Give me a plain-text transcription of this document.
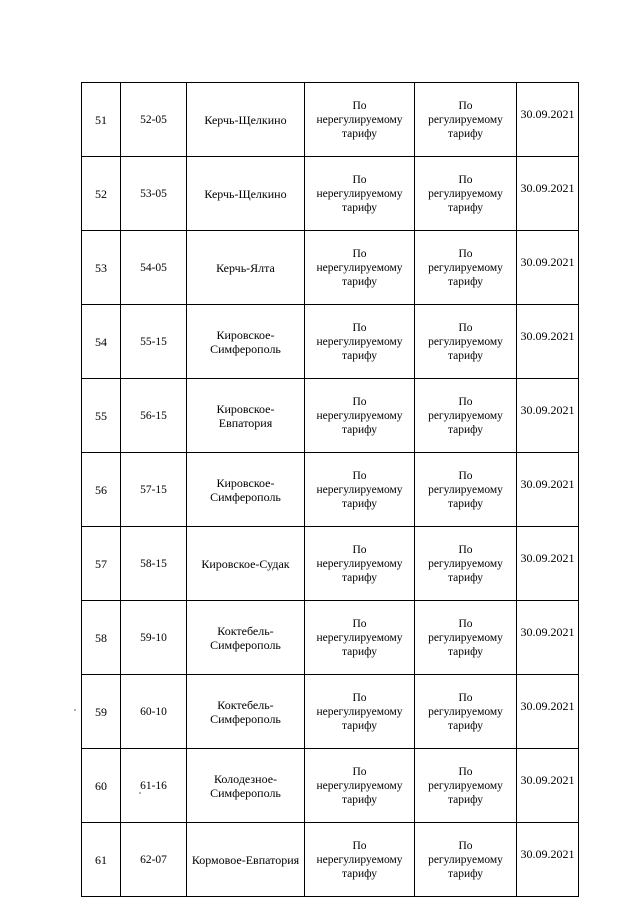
51	52-05	Керчь-Щелкино	По
нерегулируемому
тарифу	По
регулируемому
тарифу	30.09.2021
52	53-05	Керчь-Щелкино	По
нерегулируемому
тарифу	По
регулируемому
тарифу	30.09.2021
53	54-05	Керчь-Ялта	По
нерегулируемому
тарифу	По
регулируемому
тарифу	30.09.2021
54	55-15	Кировское-
Симферополь	По
нерегулируемому
тарифу	По
регулируемому
тарифу	30.09.2021
55	56-15	Кировское-
Евпатория	По
нерегулируемому
тарифу	По
регулируемому
тарифу	30.09.2021
56	57-15	Кировское-
Симферополь	По
нерегулируемому
тарифу	По
регулируемому
тарифу	30.09.2021
57	58-15	Кировское-Судак	По
нерегулируемому
тарифу	По
регулируемому
тарифу	30.09.2021
58	59-10	Коктебель-
Симферополь	По
нерегулируемому
тарифу	По
регулируемому
тарифу	30.09.2021
59	60-10	Коктебель-
Симферополь	По
нерегулируемому
тарифу	По
регулируемому
тарифу	30.09.2021
60	61-16	Колодезное-
Симферополь	По
нерегулируемому
тарифу	По
регулируемому
тарифу	30.09.2021
61	62-07	Кормовое-Евпатория	По
нерегулируемому
тарифу	По
регулируемому
тарифу	30.09.2021
